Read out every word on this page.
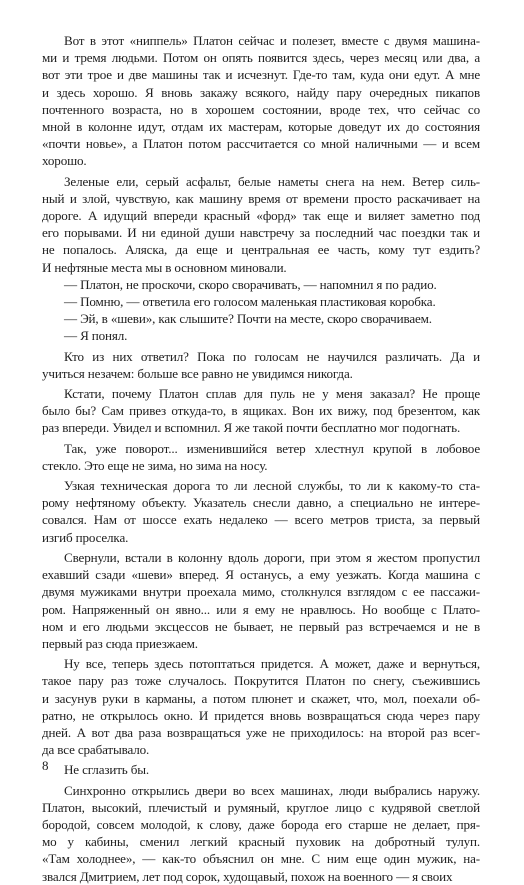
Вот в этот «ниппель» Платон сейчас и полезет, вместе с двумя машина-
ми и тремя людьми. Потом он опять появится здесь, через месяц или два, а
вот эти трое и две машины так и исчезнут. Где-то там, куда они едут. А мне
и здесь хорошо. Я вновь закажу всякого, найду пару очередных пикапов
почтенного возраста, но в хорошем состоянии, вроде тех, что сейчас со
мной в колонне идут, отдам их мастерам, которые доведут их до состояния
«почти новье», а Платон потом рассчитается со мной наличными — и всем
хорошо.

Зеленые ели, серый асфальт, белые наметы снега на нем. Ветер силь-
ный и злой, чувствую, как машину время от времени просто раскачивает на
дороге. А идущий впереди красный «форд» так еще и виляет заметно под
его порывами. И ни единой души навстречу за последний час поездки так и
не попалось. Аляска, да еще и центральная ее часть, кому тут ездить?
И нефтяные места мы в основном миновали.

— Платон, не проскочи, скоро сворачивать, — напомнил я по радио.

— Помню, — ответила его голосом маленькая пластиковая коробка.

— Эй, в «шеви», как слышите? Почти на месте, скоро сворачиваем.

— Я понял.

Кто из них ответил? Пока по голосам не научился различать. Да и
учиться незачем: больше все равно не увидимся никогда.

Кстати, почему Платон сплав для пуль не у меня заказал? Не проще
было бы? Сам привез откуда-то, в ящиках. Вон их вижу, под брезентом, как
раз впереди. Увидел и вспомнил. Я же такой почти бесплатно мог подогнать.

Так, уже поворот... изменившийся ветер хлестнул крупой в лобовое
стекло. Это еще не зима, но зима на носу.

Узкая техническая дорога то ли лесной службы, то ли к какому-то ста-
рому нефтяному объекту. Указатель снесли давно, а специально не интере-
совался. Нам от шоссе ехать недалеко — всего метров триста, за первый
изгиб проселка.

Свернули, встали в колонну вдоль дороги, при этом я жестом пропустил
ехавший сзади «шеви» вперед. Я останусь, а ему уезжать. Когда машина с
двумя мужиками внутри проехала мимо, столкнулся взглядом с ее пассажи-
ром. Напряженный он явно... или я ему не нравлюсь. Но вообще с Плато-
ном и его людьми эксцессов не бывает, не первый раз встречаемся и не в
первый раз сюда приезжаем.

Ну все, теперь здесь потоптаться придется. А может, даже и вернуться,
такое пару раз тоже случалось. Покрутится Платон по снегу, съежившись
и засунув руки в карманы, а потом плюнет и скажет, что, мол, поехали об-
ратно, не открылось окно. И придется вновь возвращаться сюда через пару
дней. А вот два раза возвращаться уже не приходилось: на второй раз всег-
да все срабатывало.

Не сглазить бы.

Синхронно открылись двери во всех машинах, люди выбрались наружу.
Платон, высокий, плечистый и румяный, круглое лицо с кудрявой светлой
бородой, совсем молодой, к слову, даже борода его старше не делает, пря-
мо у кабины, сменил легкий красный пуховик на добротный тулуп.
«Там холоднее», — как-то объяснил он мне. С ним еще один мужик, на-
звался Дмитрием, лет под сорок, худощавый, похож на военного — я своих

8
